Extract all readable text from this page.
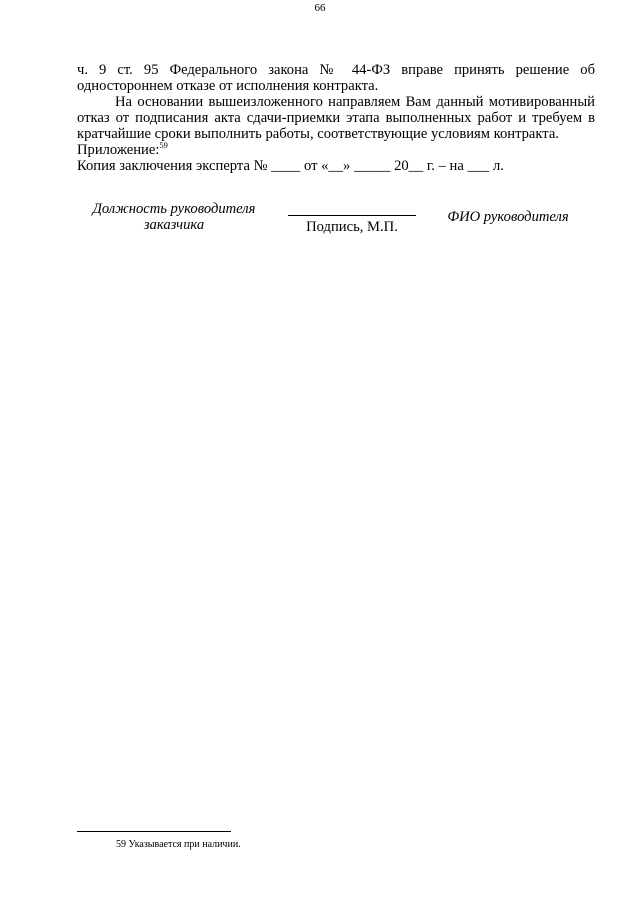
66

ч. 9 ст. 95 Федерального закона № 44-ФЗ вправе принять решение об одностороннем отказе от исполнения контракта.

На основании вышеизложенного направляем Вам данный мотивированный отказ от подписания акта сдачи-приемки этапа выполненных работ и требуем в кратчайшие сроки выполнить работы, соответствующие условиям контракта.

Приложение:$^{59}$

Копия заключения эксперта № ____ от «__» _____ 20__ г. – на ___ л.

Должность руководителя
заказчика	Подпись, М.П.
ФИО руководителя
59 Указывается при наличии.
